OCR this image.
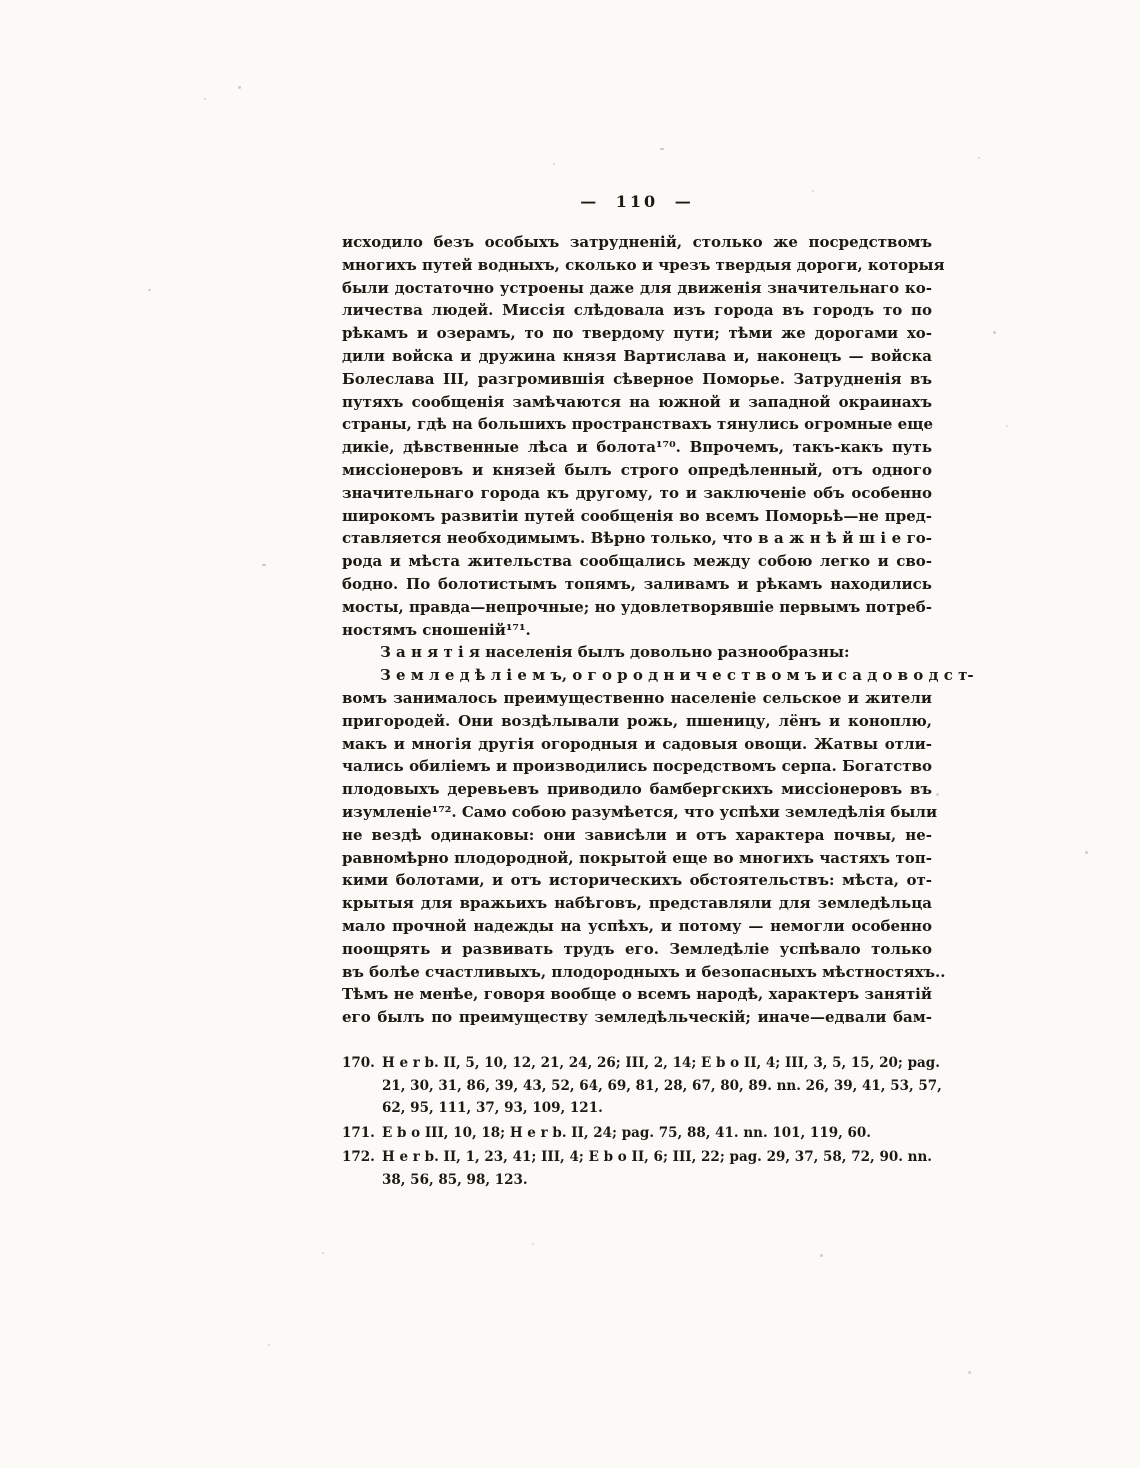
— 110 —
исходило безъ особыхъ затрудненій, столько же посредствомъ
многихъ путей водныхъ, сколько и чрезъ твердыя дороги, которыя
были достаточно устроены даже для движенія значительнаго ко-
личества людей. Миссія слѣдовала изъ города въ городъ то по
рѣкамъ и озерамъ, то по твердому пути; тѣми же дорогами хо-
дили войска и дружина князя Вартислава и, наконецъ — войска
Болеслава III, разгромившія сѣверное Поморье. Затрудненія въ
путяхъ сообщенія замѣчаются на южной и западной окраинахъ
страны, гдѣ на большихъ пространствахъ тянулись огромные еще
дикіе, дѣвственные лѣса и болота¹⁷⁰. Впрочемъ, такъ-какъ путь
миссіонеровъ и князей былъ строго опредѣленный, отъ одного
значительнаго города къ другому, то и заключеніе объ особенно
широкомъ развитіи путей сообщенія во всемъ Поморьѣ—не пред-
ставляется необходимымъ. Вѣрно только, что в а ж н ѣ й ш і е го-
рода и мѣста жительства сообщались между собою легко и сво-
бодно. По болотистымъ топямъ, заливамъ и рѣкамъ находились
мосты, правда—непрочные; но удовлетворявшіе первымъ потреб-
ностямъ сношеній¹⁷¹.
З а н я т і я населенія былъ довольно разнообразны:
З е м л е д ѣ л і е м ъ, о г о р о д н и ч е с т в о м ъ и с а д о в о д с т-
вомъ занималось преимущественно населеніе сельское и жители
пригородей. Они воздѣлывали рожь, пшеницу, лёнъ и коноплю,
макъ и многія другія огородныя и садовыя овощи. Жатвы отли-
чались обиліемъ и производились посредствомъ серпа. Богатство
плодовыхъ деревьевъ приводило бамбергскихъ миссіонеровъ въ
изумленіе¹⁷². Само собою разумѣется, что успѣхи земледѣлія были
не вездѣ одинаковы: они зависѣли и отъ характера почвы, не-
равномѣрно плодородной, покрытой еще во многихъ частяхъ топ-
кими болотами, и отъ историческихъ обстоятельствъ: мѣста, от-
крытыя для вражьихъ набѣговъ, представляли для земледѣльца
мало прочной надежды на успѣхъ, и потому — немогли особенно
поощрять и развивать трудъ его. Земледѣліе успѣвало только
въ болѣе счастливыхъ, плодородныхъ и безопасныхъ мѣстностяхъ..
Тѣмъ не менѣе, говоря вообще о всемъ народѣ, характеръ занятій
его былъ по преимуществу земледѣльческій; иначе—едвали бам-
170. H e r b. II, 5, 10, 12, 21, 24, 26; III, 2, 14; E b o II, 4; III, 3, 5, 15, 20; pag.
21, 30, 31, 86, 39, 43, 52, 64, 69, 81, 28, 67, 80, 89. nn. 26, 39, 41, 53, 57,
62, 95, 111, 37, 93, 109, 121.
171. E b o III, 10, 18; H e r b. II, 24; pag. 75, 88, 41. nn. 101, 119, 60.
172. H e r b. II, 1, 23, 41; III, 4; E b o II, 6; III, 22; pag. 29, 37, 58, 72, 90. nn.
38, 56, 85, 98, 123.
